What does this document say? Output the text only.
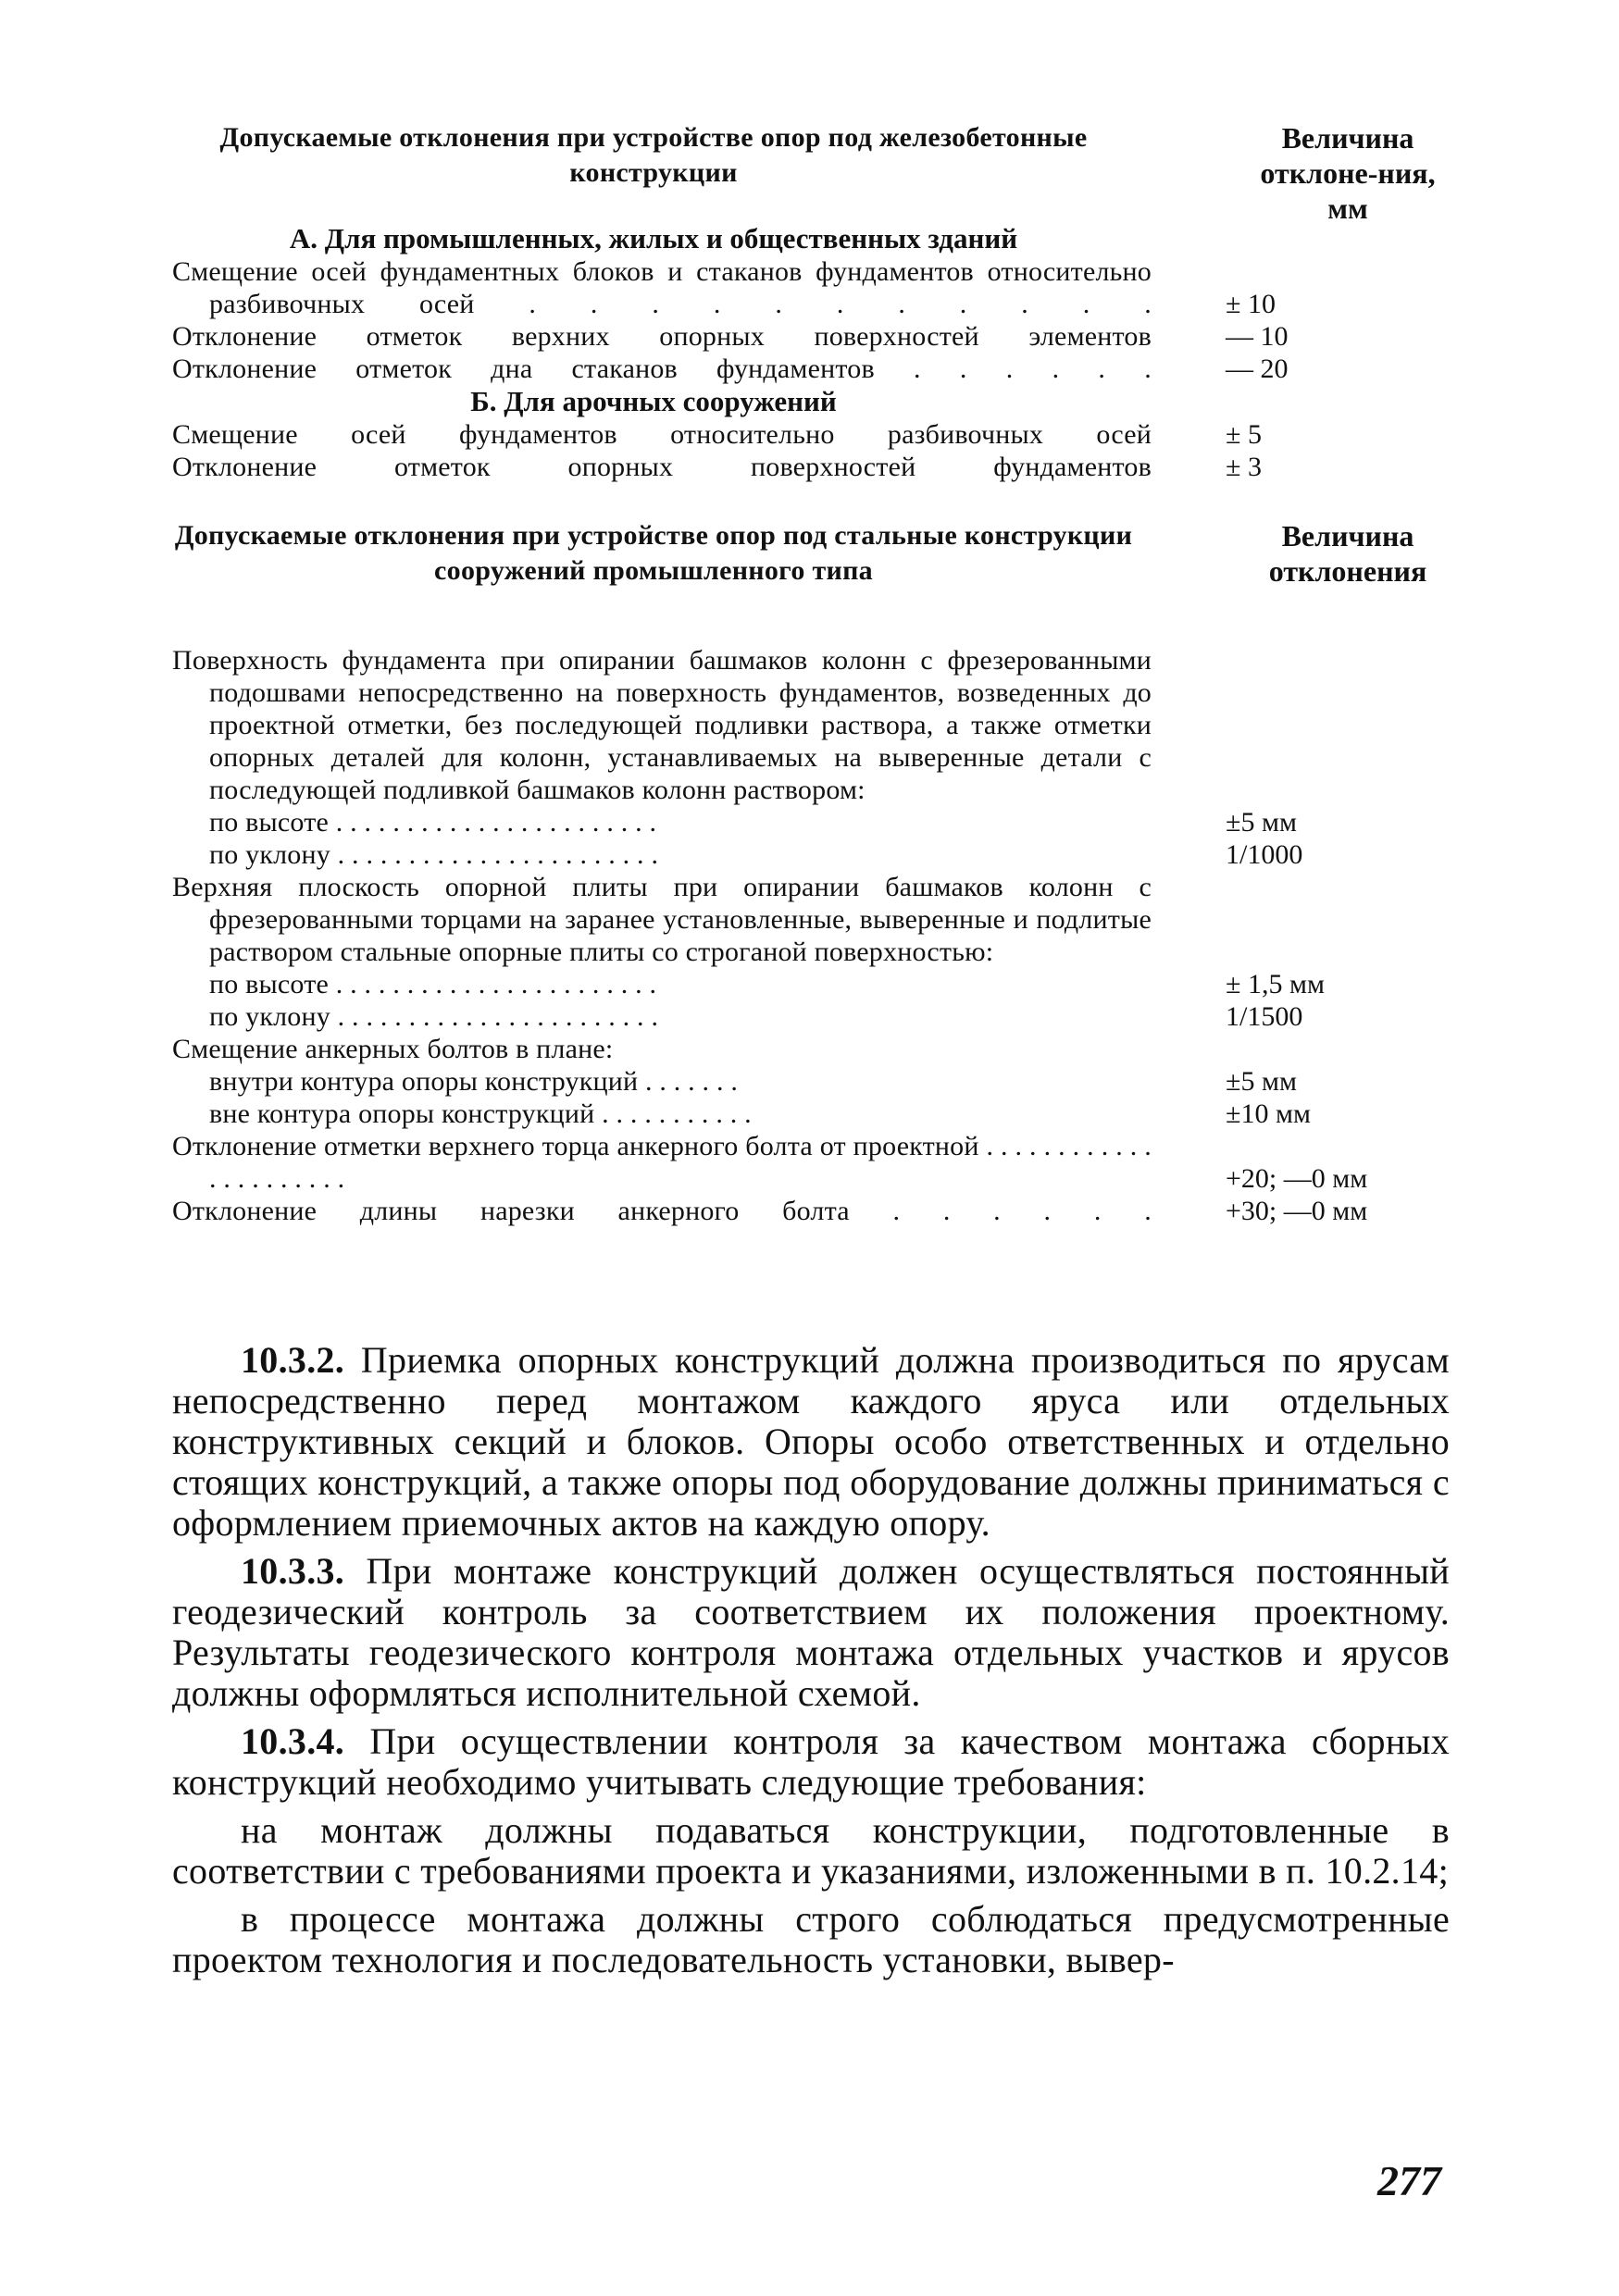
Допускаемые отклонения при устройстве опор под железобетонные конструкции
Величина отклоне-ния, мм
А. Для промышленных, жилых и общественных зданий
Смещение осей фундаментных блоков и стаканов фундаментов относительно разбивочных осей . . . . . . . . . . .	± 10
Отклонение отметок верхних опорных поверхностей элементов	— 10
Отклонение отметок дна стаканов фундаментов . . . . . .	— 20
Б. Для арочных сооружений
Смещение осей фундаментов относительно разбивочных осей	± 5
Отклонение отметок опорных поверхностей фундаментов	± 3
Допускаемые отклонения при устройстве опор под стальные конструкции сооружений промышленного типа
Величина отклонения
Поверхность фундамента при опирании башмаков колонн с фрезерованными подошвами непосредственно на поверхность фундаментов, возведенных до проектной отметки, без последующей подливки раствора, а также отметки опорных деталей для колонн, устанавливаемых на выверенные детали с последующей подливкой башмаков колонн раствором:
по высоте . . . . . . . . . . . . . . . . . . . . . . .	±5 мм
по уклону . . . . . . . . . . . . . . . . . . . . . . .	1/1000
Верхняя плоскость опорной плиты при опирании башмаков колонн с фрезерованными торцами на заранее установленные, выверенные и подлитые раствором стальные опорные плиты со строганой поверхностью:
по высоте . . . . . . . . . . . . . . . . . . . . . . .	± 1,5 мм
по уклону . . . . . . . . . . . . . . . . . . . . . . .	1/1500
Смещение анкерных болтов в плане:
внутри контура опоры конструкций . . . . . . .	±5 мм
вне контура опоры конструкций . . . . . . . . . . .	±10 мм
Отклонение отметки верхнего торца анкерного болта от проектной . . . . . . . . . . . . . . . . . . . . . .	+20; —0 мм
Отклонение длины нарезки анкерного болта . . . . . .	+30; —0 мм

10.3.2. Приемка опорных конструкций должна производиться по ярусам непосредственно перед монтажом каждого яруса или отдельных конструктивных секций и блоков. Опоры особо ответственных и отдельно стоящих конструкций, а также опоры под оборудование должны приниматься с оформлением приемочных актов на каждую опору.

10.3.3. При монтаже конструкций должен осуществляться постоянный геодезический контроль за соответствием их положения проектному. Результаты геодезического контроля монтажа отдельных участков и ярусов должны оформляться исполнительной схемой.

10.3.4. При осуществлении контроля за качеством монтажа сборных конструкций необходимо учитывать следующие требования:

на монтаж должны подаваться конструкции, подготовленные в соответствии с требованиями проекта и указаниями, изложенными в п. 10.2.14;

в процессе монтажа должны строго соблюдаться предусмотренные проектом технология и последовательность установки, вывер-

277
